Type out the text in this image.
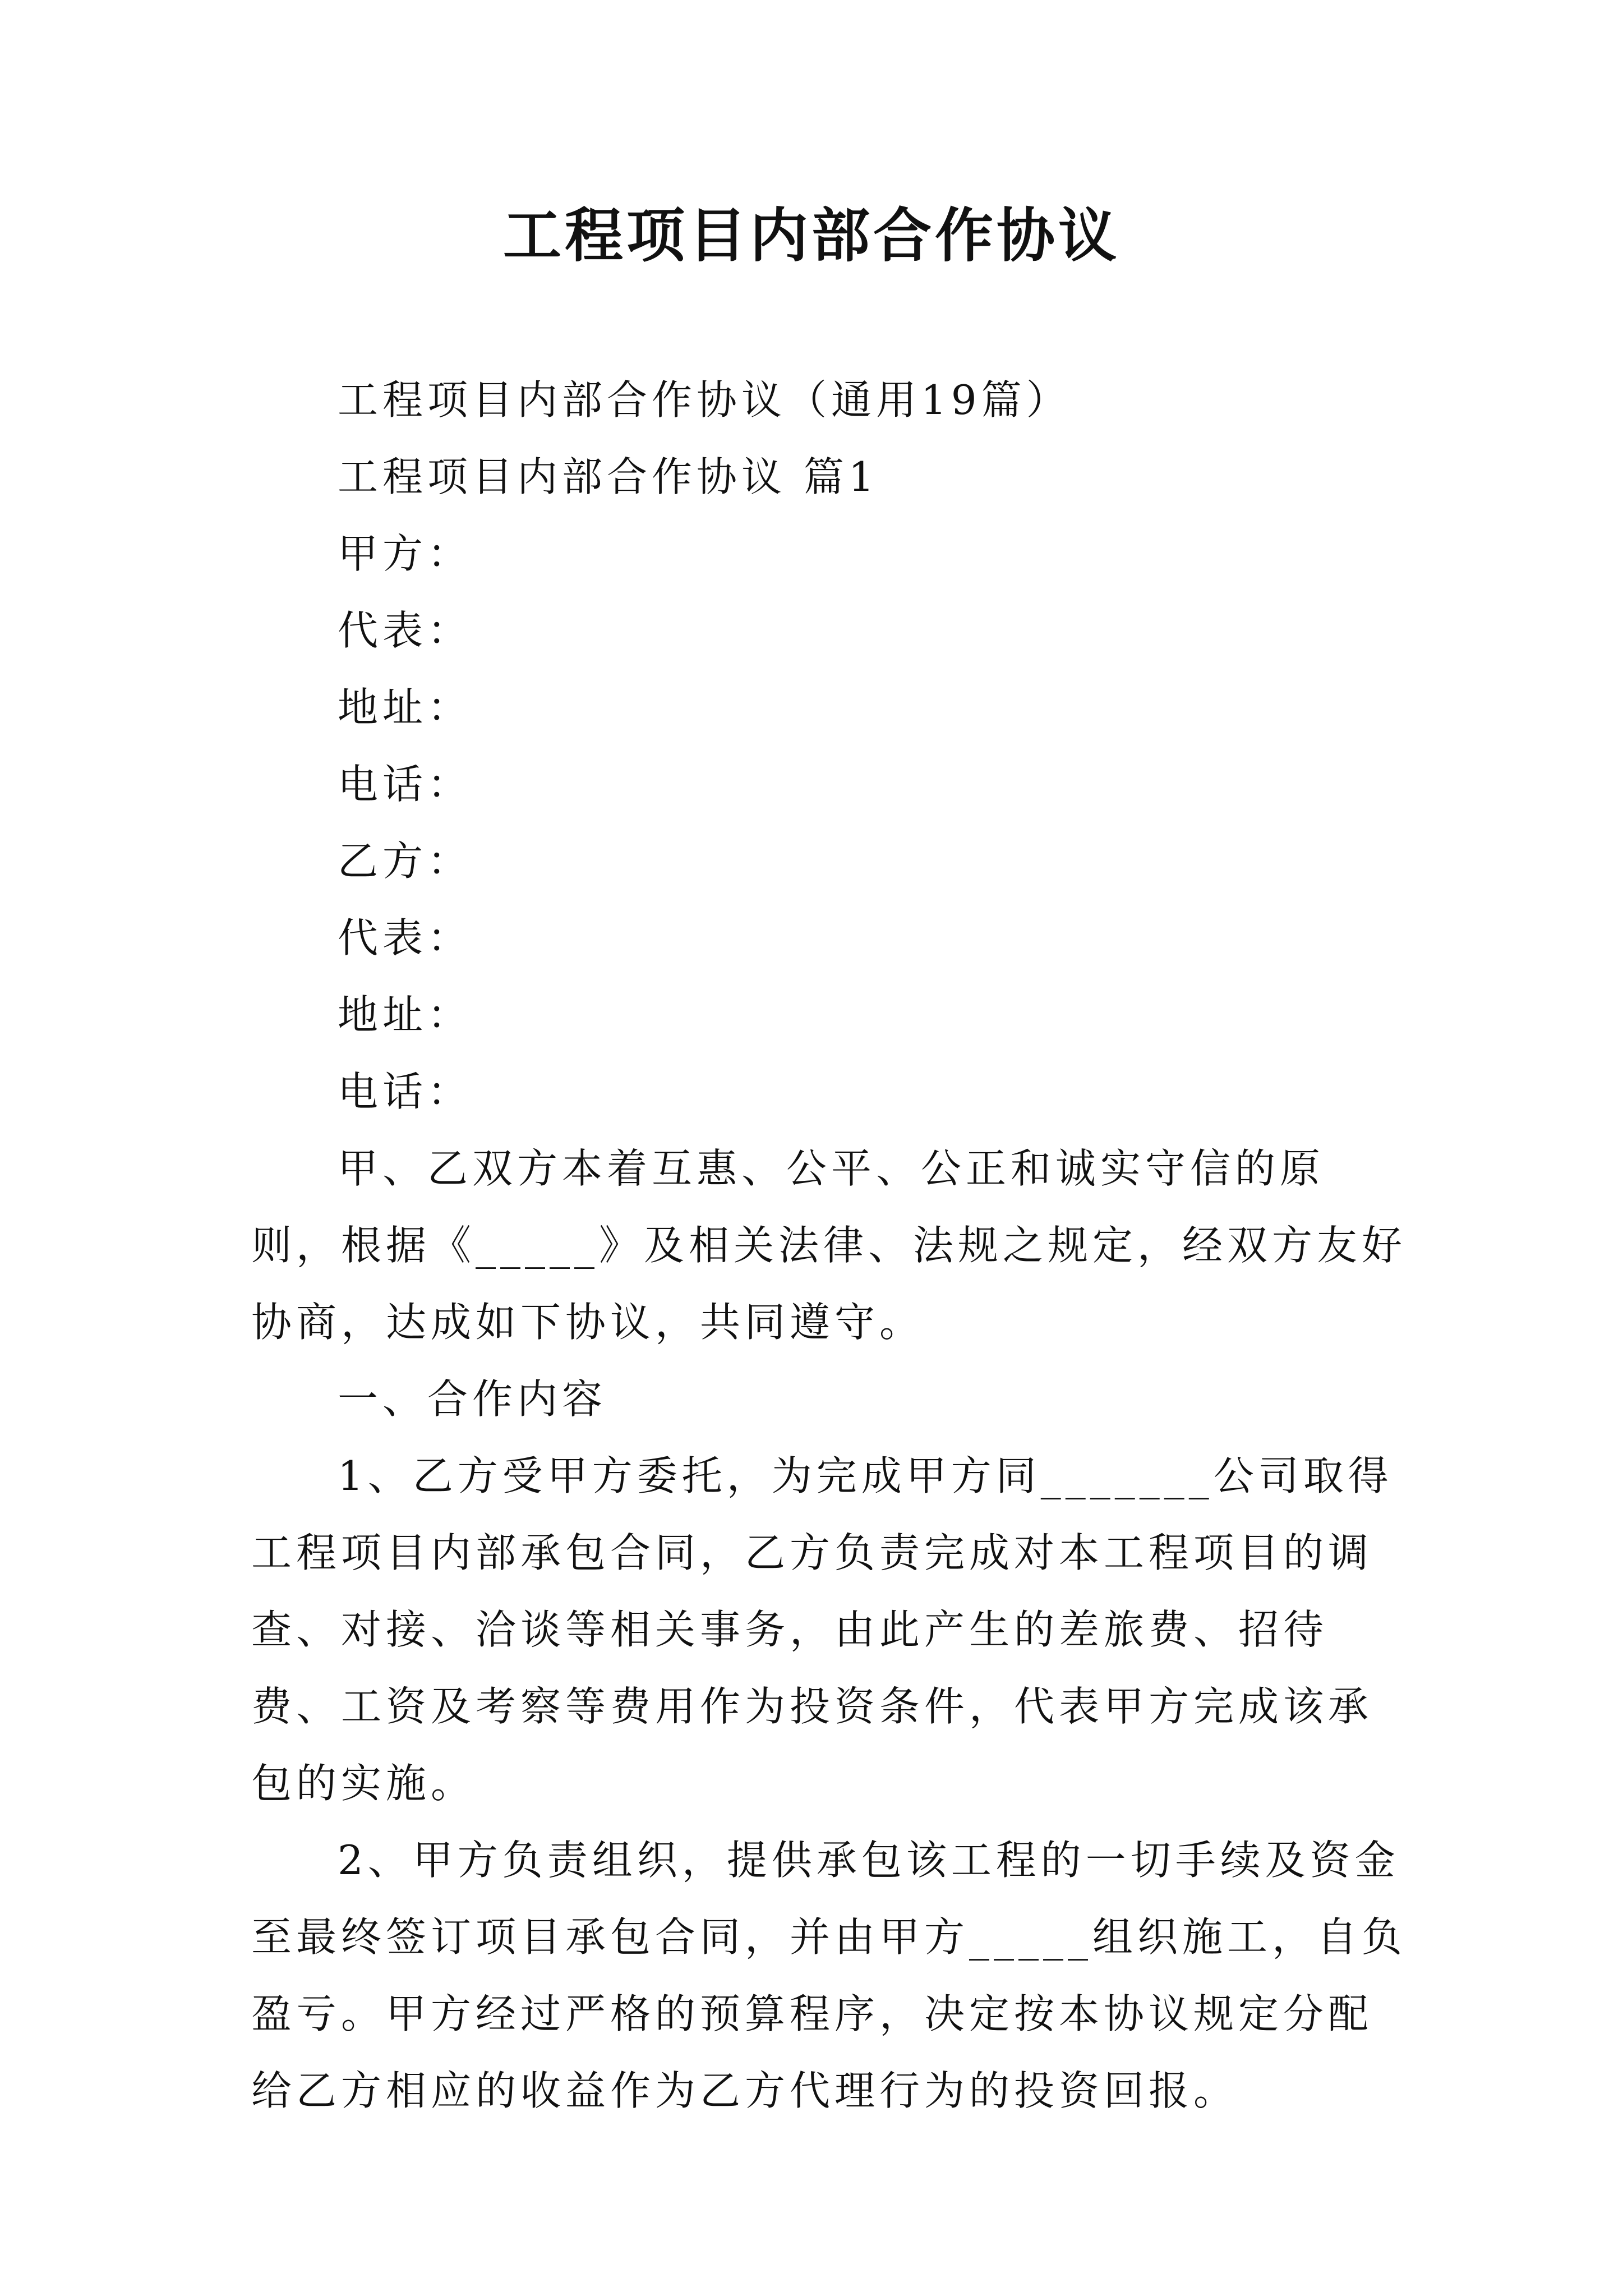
工程项目内部合作协议

工程项目内部合作协议（通用19篇）

工程项目内部合作协议 篇1

甲方：

代表：

地址：

电话：

乙方：

代表：

地址：

电话：

甲、乙双方本着互惠、公平、公正和诚实守信的原则，根据《_____》及相关法律、法规之规定，经双方友好协商，达成如下协议，共同遵守。

一、合作内容

1、乙方受甲方委托，为完成甲方同_______公司取得工程项目内部承包合同，乙方负责完成对本工程项目的调查、对接、洽谈等相关事务，由此产生的差旅费、招待费、工资及考察等费用作为投资条件，代表甲方完成该承包的实施。

2、甲方负责组织，提供承包该工程的一切手续及资金至最终签订项目承包合同，并由甲方_____组织施工，自负盈亏。甲方经过严格的预算程序，决定按本协议规定分配给乙方相应的收益作为乙方代理行为的投资回报。
